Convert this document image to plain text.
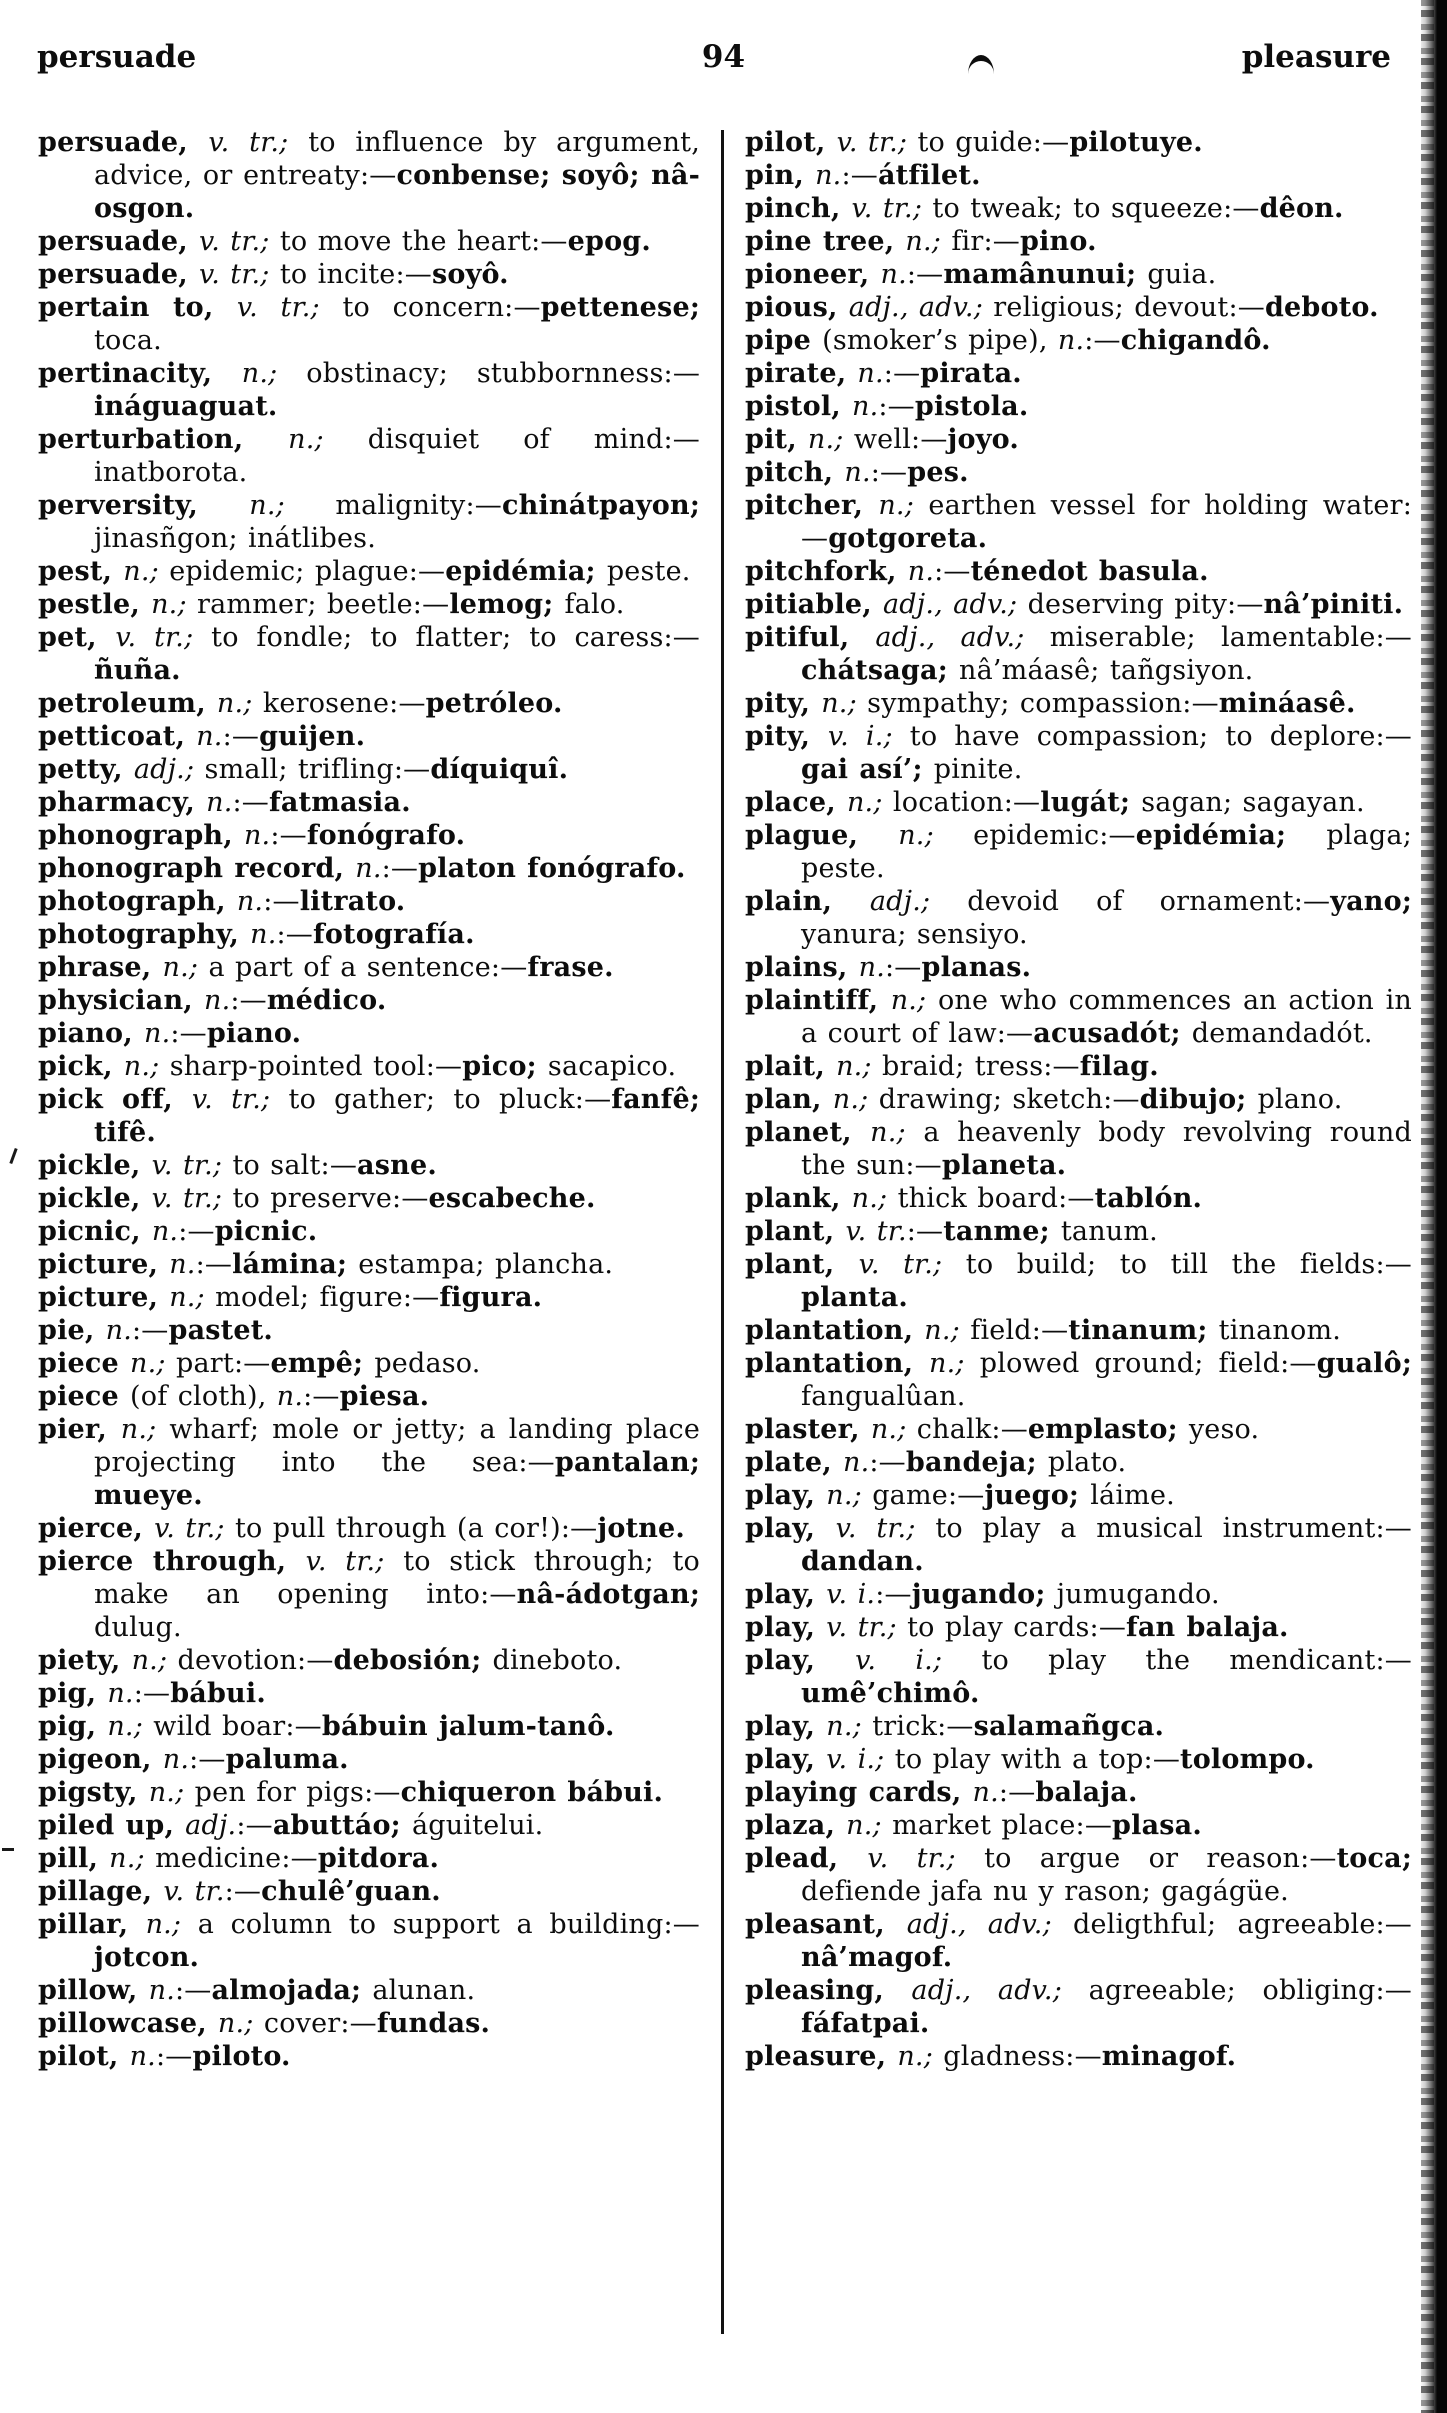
persuade	94	pleasure

persuade, v. tr.; to influence by argument, advice, or entreaty:—conbense; soyô; nâ-osgon.

persuade, v. tr.; to move the heart:—epog.

persuade, v. tr.; to incite:—soyô.

pertain to, v. tr.; to concern:—pettenese; toca.

pertinacity, n.; obstinacy; stubbornness:—ináguaguat.

perturbation, n.; disquiet of mind:—inatborota.

perversity, n.; malignity:—chinátpayon; jinasñgon; inátlibes.

pest, n.; epidemic; plague:—epidémia; peste.

pestle, n.; rammer; beetle:—lemog; falo.

pet, v. tr.; to fondle; to flatter; to caress:—ñuña.

petroleum, n.; kerosene:—petróleo.

petticoat, n.:—guijen.

petty, adj.; small; trifling:—díquiquî.

pharmacy, n.:—fatmasia.

phonograph, n.:—fonógrafo.

phonograph record, n.:—platon fonógrafo.

photograph, n.:—litrato.

photography, n.:—fotografía.

phrase, n.; a part of a sentence:—frase.

physician, n.:—médico.

piano, n.:—piano.

pick, n.; sharp-pointed tool:—pico; sacapico.

pick off, v. tr.; to gather; to pluck:—fanfê; tifê.

pickle, v. tr.; to salt:—asne.

pickle, v. tr.; to preserve:—escabeche.

picnic, n.:—picnic.

picture, n.:—lámina; estampa; plancha.

picture, n.; model; figure:—figura.

pie, n.:—pastet.

piece n.; part:—empê; pedaso.

piece (of cloth), n.:—piesa.

pier, n.; wharf; mole or jetty; a landing place projecting into the sea:—pantalan; mueye.

pierce, v. tr.; to pull through (a cor!):—jotne.

pierce through, v. tr.; to stick through; to make an opening into:—nâ-ádotgan; dulug.

piety, n.; devotion:—debosión; dineboto.

pig, n.:—bábui.

pig, n.; wild boar:—bábuin jalum-tanô.

pigeon, n.:—paluma.

pigsty, n.; pen for pigs:—chiqueron bábui.

piled up, adj.:—abuttáo; águitelui.

pill, n.; medicine:—pitdora.

pillage, v. tr.:—chulê’guan.

pillar, n.; a column to support a building:—jotcon.

pillow, n.:—almojada; alunan.

pillowcase, n.; cover:—fundas.

pilot, n.:—piloto.

pilot, v. tr.; to guide:—pilotuye.

pin, n.:—átfilet.

pinch, v. tr.; to tweak; to squeeze:—dêon.

pine tree, n.; fir:—pino.

pioneer, n.:—mamânunui; guia.

pious, adj., adv.; religious; devout:—deboto.

pipe (smoker’s pipe), n.:—chigandô.

pirate, n.:—pirata.

pistol, n.:—pistola.

pit, n.; well:—joyo.

pitch, n.:—pes.

pitcher, n.; earthen vessel for holding water:—gotgoreta.

pitchfork, n.:—ténedot basula.

pitiable, adj., adv.; deserving pity:—nâ’piniti.

pitiful, adj., adv.; miserable; lamentable:—chátsaga; nâ’máasê; tañgsiyon.

pity, n.; sympathy; compassion:—mináasê.

pity, v. i.; to have compassion; to deplore:—gai así’; pinite.

place, n.; location:—lugát; sagan; sagayan.

plague, n.; epidemic:—epidémia; plaga; peste.

plain, adj.; devoid of ornament:—yano; yanura; sensiyo.

plains, n.:—planas.

plaintiff, n.; one who commences an action in a court of law:—acusadót; demandadót.

plait, n.; braid; tress:—filag.

plan, n.; drawing; sketch:—dibujo; plano.

planet, n.; a heavenly body revolving round the sun:—planeta.

plank, n.; thick board:—tablón.

plant, v. tr.:—tanme; tanum.

plant, v. tr.; to build; to till the fields:—planta.

plantation, n.; field:—tinanum; tinanom.

plantation, n.; plowed ground; field:—gualô; fangualûan.

plaster, n.; chalk:—emplasto; yeso.

plate, n.:—bandeja; plato.

play, n.; game:—juego; láime.

play, v. tr.; to play a musical instrument:—dandan.

play, v. i.:—jugando; jumugando.

play, v. tr.; to play cards:—fan balaja.

play, v. i.; to play the mendicant:—umê’chimô.

play, n.; trick:—salamañgca.

play, v. i.; to play with a top:—tolompo.

playing cards, n.:—balaja.

plaza, n.; market place:—plasa.

plead, v. tr.; to argue or reason:—toca; defiende jafa nu y rason; gagágüe.

pleasant, adj., adv.; deligthful; agreeable:—nâ’magof.

pleasing, adj., adv.; agreeable; obliging:—fáfatpai.

pleasure, n.; gladness:—minagof.
